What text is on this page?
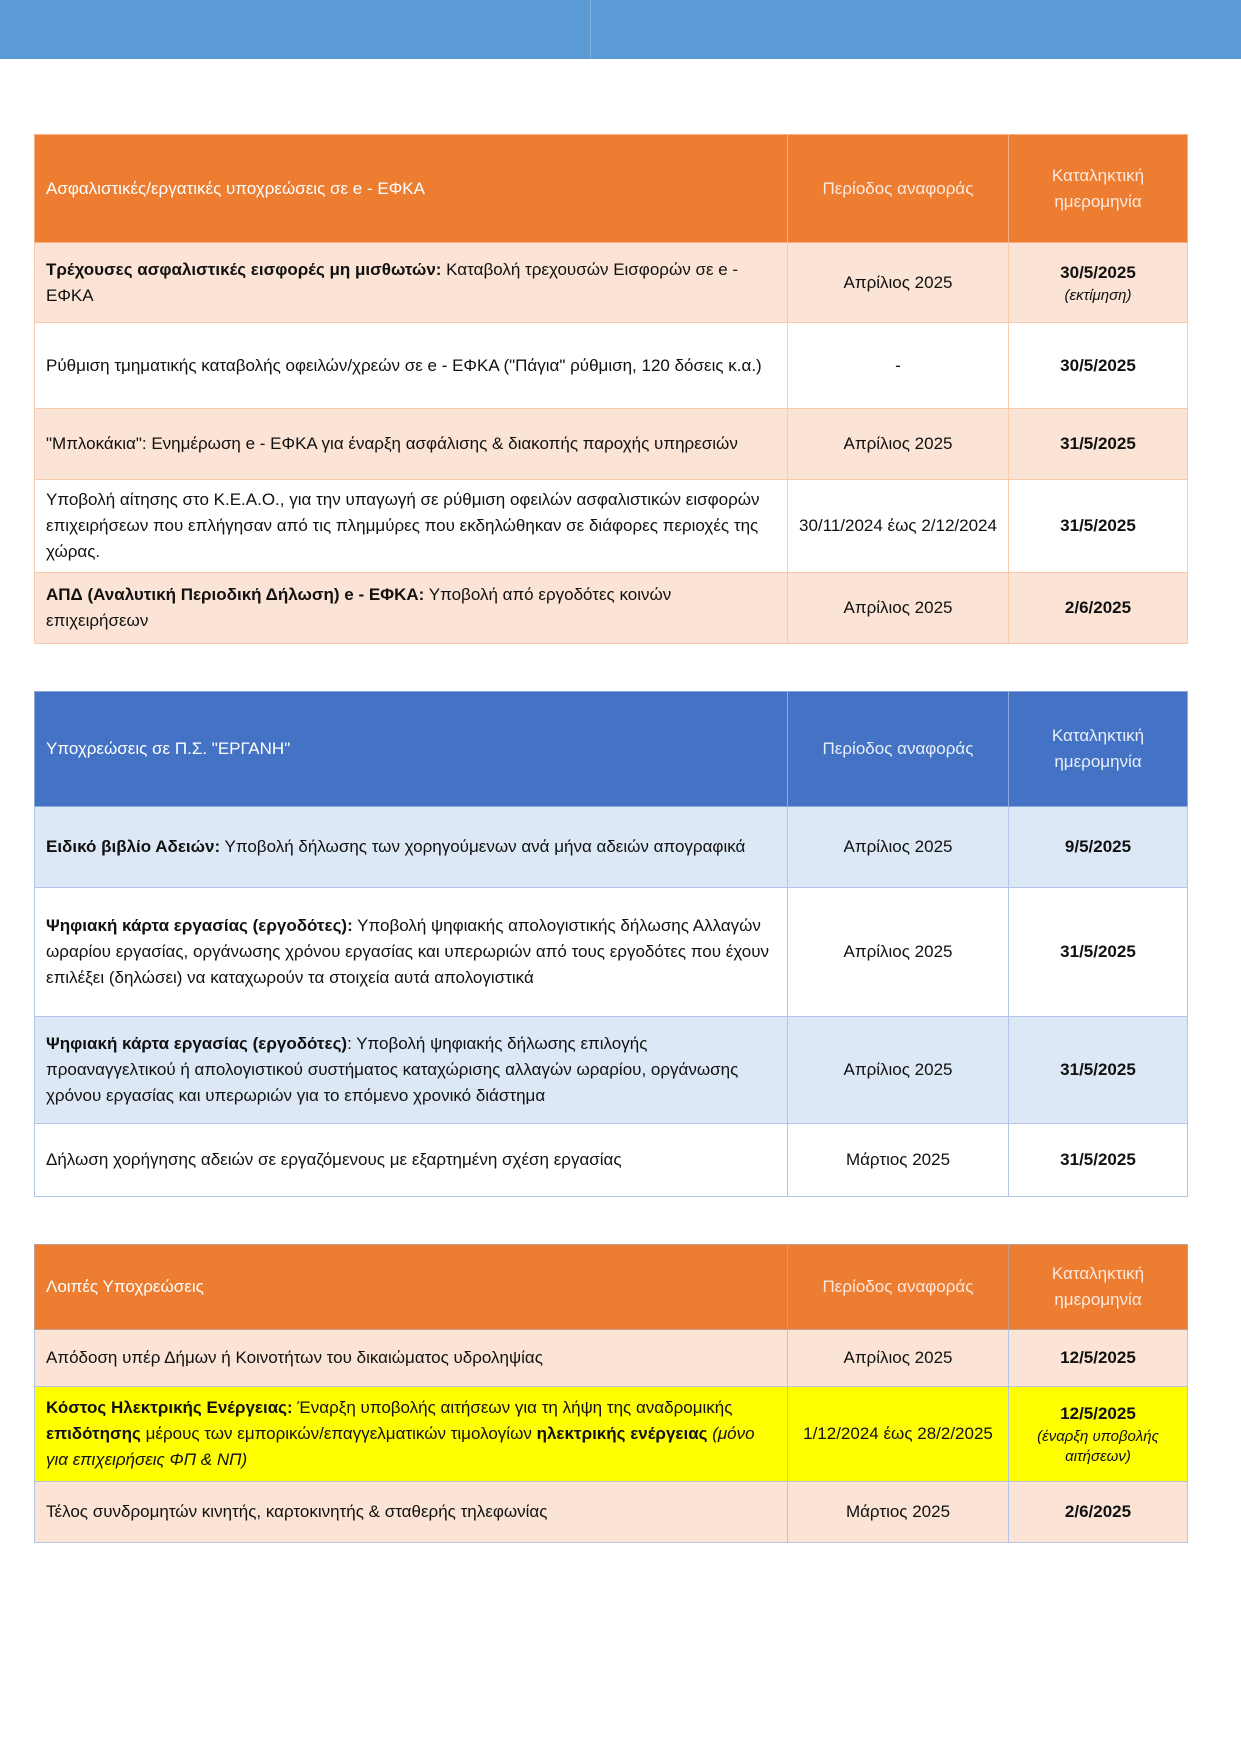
Ασφαλιστικές/εργατικές υποχρεώσεις σε e - ΕΦΚΑ	Περίοδος αναφοράς	Καταληκτική ημερομηνία
Τρέχουσες ασφαλιστικές εισφορές μη μισθωτών: Καταβολή τρεχουσών Εισφορών σε e - ΕΦΚΑ	Απρίλιος 2025	30/5/2025
(εκτίμηση)

Ρύθμιση τμηματικής καταβολής οφειλών/χρεών σε e - ΕΦΚΑ ("Πάγια" ρύθμιση, 120 δόσεις κ.α.)	-	30/5/2025
"Μπλοκάκια": Ενημέρωση e - ΕΦΚΑ για έναρξη ασφάλισης & διακοπής παροχής υπηρεσιών	Απρίλιος 2025	31/5/2025
Υποβολή αίτησης στο Κ.Ε.Α.Ο., για την υπαγωγή σε ρύθμιση οφειλών ασφαλιστικών εισφορών επιχειρήσεων που επλήγησαν από τις πλημμύρες που εκδηλώθηκαν σε διάφορες περιοχές της χώρας.	30/11/2024 έως 2/12/2024	31/5/2025
ΑΠΔ (Αναλυτική Περιοδική Δήλωση) e - ΕΦΚΑ: Υποβολή από εργοδότες κοινών επιχειρήσεων	Απρίλιος 2025	2/6/2025
Υποχρεώσεις σε Π.Σ. "ΕΡΓΑΝΗ"	Περίοδος αναφοράς	Καταληκτική ημερομηνία
Ειδικό βιβλίο Αδειών: Υποβολή δήλωσης των χορηγούμενων ανά μήνα αδειών απογραφικά	Απρίλιος 2025	9/5/2025
Ψηφιακή κάρτα εργασίας (εργοδότες): Υποβολή ψηφιακής απολογιστικής δήλωσης Αλλαγών ωραρίου εργασίας, οργάνωσης χρόνου εργασίας και υπερωριών από τους εργοδότες που έχουν επιλέξει (δηλώσει) να καταχωρούν τα στοιχεία αυτά απολογιστικά	Απρίλιος 2025	31/5/2025
Ψηφιακή κάρτα εργασίας (εργοδότες): Υποβολή ψηφιακής δήλωσης επιλογής προαναγγελτικού ή απολογιστικού συστήματος καταχώρισης αλλαγών ωραρίου, οργάνωσης χρόνου εργασίας και υπερωριών για το επόμενο χρονικό διάστημα	Απρίλιος 2025	31/5/2025
Δήλωση χορήγησης αδειών σε εργαζόμενους με εξαρτημένη σχέση εργασίας	Μάρτιος 2025	31/5/2025
Λοιπές Υποχρεώσεις	Περίοδος αναφοράς	Καταληκτική ημερομηνία
Απόδοση υπέρ Δήμων ή Κοινοτήτων του δικαιώματος υδροληψίας	Απρίλιος 2025	12/5/2025
Κόστος Ηλεκτρικής Ενέργειας: Έναρξη υποβολής αιτήσεων για τη λήψη της αναδρομικής επιδότησης μέρους των εμπορικών/επαγγελματικών τιμολογίων ηλεκτρικής ενέργειας (μόνο για επιχειρήσεις ΦΠ & ΝΠ)	1/12/2024 έως 28/2/2025	12/5/2025
(έναρξη υποβολής αιτήσεων)

Τέλος συνδρομητών κινητής, καρτοκινητής & σταθερής τηλεφωνίας	Μάρτιος 2025	2/6/2025
